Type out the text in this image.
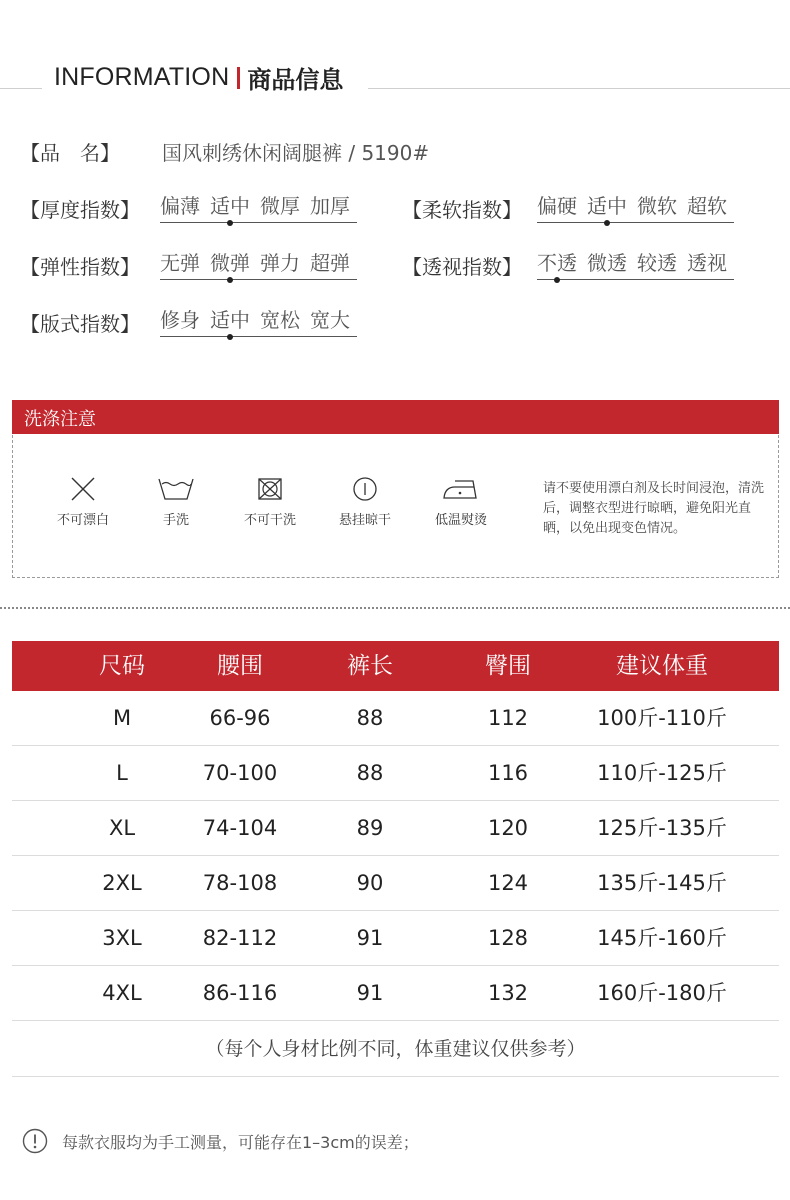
INFORMATION 商品信息
【品　名】 国风刺绣休闲阔腿裤 / 5190#
【厚度指数】 偏薄 适中 微厚 加厚	【柔软指数】 偏硬 适中 微软 超软
【弹性指数】 无弹 微弹 弹力 超弹	【透视指数】 不透 微透 较透 透视
【版式指数】 修身 适中 宽松 宽大
洗涤注意
不可漂白	手洗	不可干洗	悬挂晾干	低温熨烫
请不要使用漂白剂及长时间浸泡，清洗后，调整衣型进行晾晒，避免阳光直晒，以免出现变色情况。
尺码	腰围	裤长	臀围	建议体重
M	66-96	88	112	100斤-110斤
L	70-100	88	116	110斤-125斤
XL	74-104	89	120	125斤-135斤
2XL	78-108	90	124	135斤-145斤
3XL	82-112	91	128	145斤-160斤
4XL	86-116	91	132	160斤-180斤
（每个人身材比例不同，体重建议仅供参考）
每款衣服均为手工测量，可能存在1–3cm的误差；
